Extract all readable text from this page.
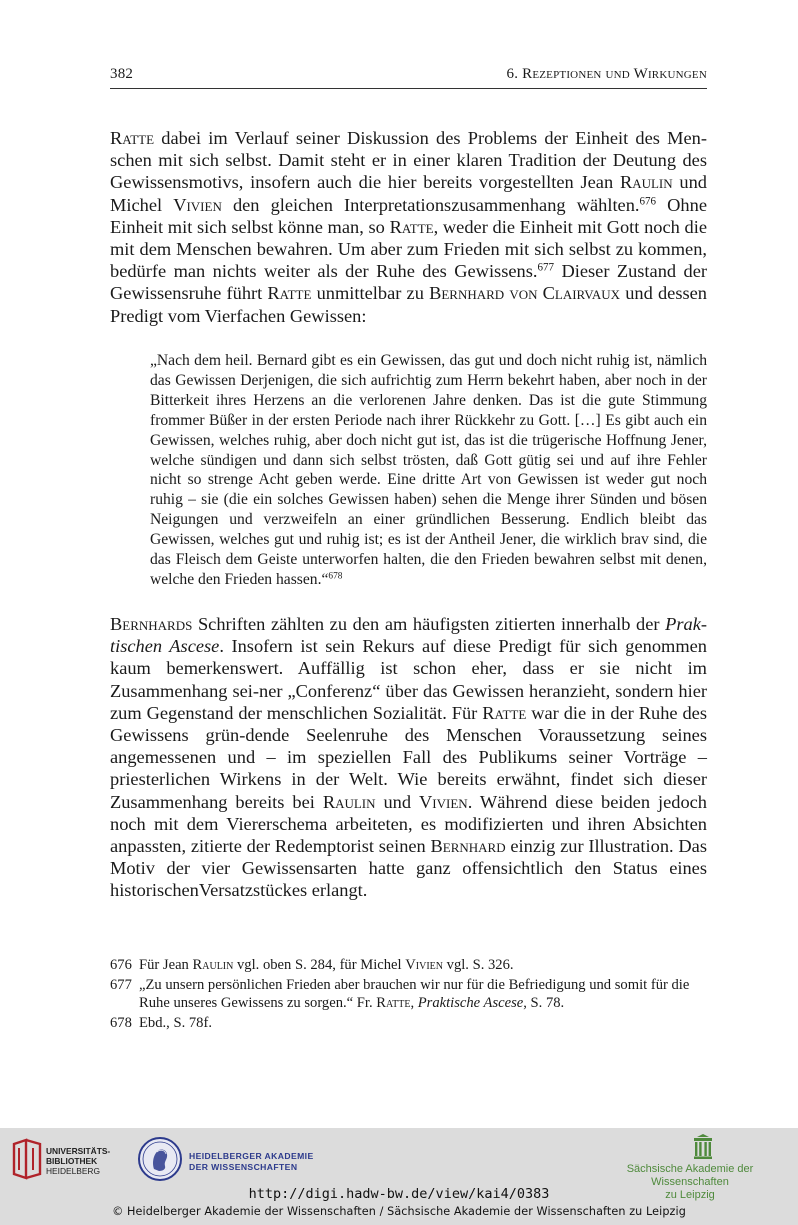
382	6. Rezeptionen und Wirkungen
Ratte dabei im Verlauf seiner Diskussion des Problems der Einheit des Men-schen mit sich selbst. Damit steht er in einer klaren Tradition der Deutung des Gewissensmotivs, insofern auch die hier bereits vorgestellten Jean Raulin und Michel Vivien den gleichen Interpretationszusammenhang wählten.$^{676}$ Ohne Einheit mit sich selbst könne man, so Ratte, weder die Einheit mit Gott noch die mit dem Menschen bewahren. Um aber zum Frieden mit sich selbst zu kommen, bedürfe man nichts weiter als der Ruhe des Gewissens.$^{677}$ Dieser Zustand der Gewissensruhe führt Ratte unmittelbar zu Bernhard von Clairvaux und dessen Predigt vom Vierfachen Gewissen:
„Nach dem heil. Bernard gibt es ein Gewissen, das gut und doch nicht ruhig ist, nämlich das Gewissen Derjenigen, die sich aufrichtig zum Herrn bekehrt haben, aber noch in der Bitterkeit ihres Herzens an die verlorenen Jahre denken. Das ist die gute Stimmung frommer Büßer in der ersten Periode nach ihrer Rückkehr zu Gott. […] Es gibt auch ein Gewissen, welches ruhig, aber doch nicht gut ist, das ist die trügerische Hoffnung Jener, welche sündigen und dann sich selbst trösten, daß Gott gütig sei und auf ihre Fehler nicht so strenge Acht geben werde. Eine dritte Art von Gewissen ist weder gut noch ruhig – sie (die ein solches Gewissen haben) sehen die Menge ihrer Sünden und bösen Neigungen und verzweifeln an einer gründlichen Besserung. Endlich bleibt das Gewissen, welches gut und ruhig ist; es ist der Antheil Jener, die wirklich brav sind, die das Fleisch dem Geiste unterworfen halten, die den Frieden bewahren selbst mit denen, welche den Frieden hassen.“$^{678}$
Bernhards Schriften zählten zu den am häufigsten zitierten innerhalb der Prak-tischen Ascese. Insofern ist sein Rekurs auf diese Predigt für sich genommen kaum bemerkenswert. Auffällig ist schon eher, dass er sie nicht im Zusammenhang sei-ner „Conferenz“ über das Gewissen heranzieht, sondern hier zum Gegenstand der menschlichen Sozialität. Für Ratte war die in der Ruhe des Gewissens grün-dende Seelenruhe des Menschen Voraussetzung seines angemessenen und – im speziellen Fall des Publikums seiner Vorträge – priesterlichen Wirkens in der Welt. Wie bereits erwähnt, findet sich dieser Zusammenhang bereits bei Raulin und Vivien. Während diese beiden jedoch noch mit dem Viererschema arbeiteten, es modifizierten und ihren Absichten anpassten, zitierte der Redemptorist seinen Bernhard einzig zur Illustration. Das Motiv der vier Gewissensarten hatte ganz offensichtlich den Status eines historischenVersatzstückes erlangt.
676 Für Jean Raulin vgl. oben S. 284, für Michel Vivien vgl. S. 326.
677 „Zu unsern persönlichen Frieden aber brauchen wir nur für die Befriedigung und somit für die Ruhe unseres Gewissens zu sorgen.“ Fr. Ratte, Praktische Ascese, S. 78.
678 Ebd., S. 78f.
UNIVERSITÄTS-
BIBLIOTHEK
HEIDELBERG
HEIDELBERGER AKADEMIE
DER WISSENSCHAFTEN	Sächsische Akademie der Wissenschaften
zu Leipzig
http://digi.hadw-bw.de/view/kai4/0383
© Heidelberger Akademie der Wissenschaften / Sächsische Akademie der Wissenschaften zu Leipzig
